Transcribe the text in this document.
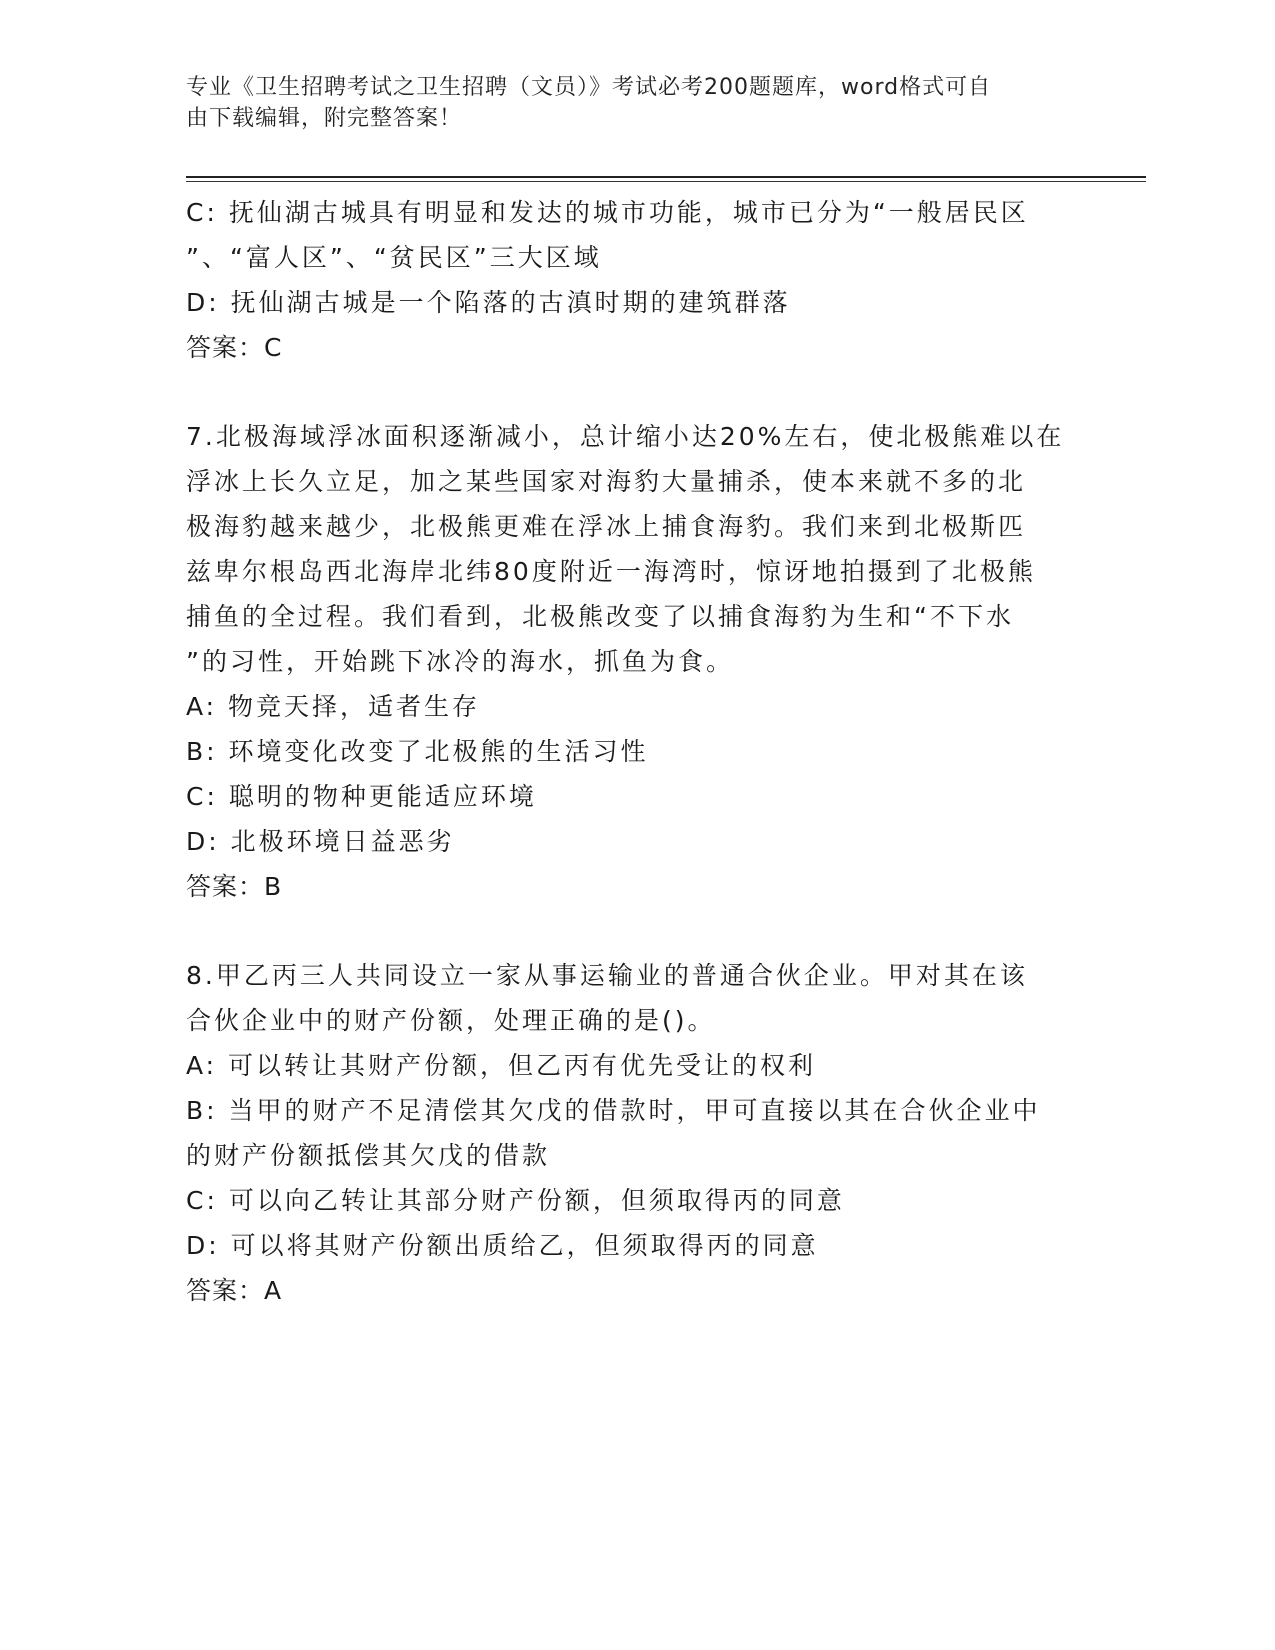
专业《卫生招聘考试之卫生招聘（文员）》考试必考200题题库，word格式可自
由下载编辑，附完整答案！
C: 抚仙湖古城具有明显和发达的城市功能，城市已分为“一般居民区
”、“富人区”、“贫民区”三大区域
D: 抚仙湖古城是一个陷落的古滇时期的建筑群落
答案：C
7.北极海域浮冰面积逐渐减小，总计缩小达20%左右，使北极熊难以在
浮冰上长久立足，加之某些国家对海豹大量捕杀，使本来就不多的北
极海豹越来越少，北极熊更难在浮冰上捕食海豹。我们来到北极斯匹
兹卑尔根岛西北海岸北纬80度附近一海湾时，惊讶地拍摄到了北极熊
捕鱼的全过程。我们看到，北极熊改变了以捕食海豹为生和“不下水
”的习性，开始跳下冰冷的海水，抓鱼为食。
A: 物竞天择，适者生存
B: 环境变化改变了北极熊的生活习性
C: 聪明的物种更能适应环境
D: 北极环境日益恶劣
答案：B
8.甲乙丙三人共同设立一家从事运输业的普通合伙企业。甲对其在该
合伙企业中的财产份额，处理正确的是()。
A: 可以转让其财产份额，但乙丙有优先受让的权利
B: 当甲的财产不足清偿其欠戊的借款时，甲可直接以其在合伙企业中
的财产份额抵偿其欠戊的借款
C: 可以向乙转让其部分财产份额，但须取得丙的同意
D: 可以将其财产份额出质给乙，但须取得丙的同意
答案：A
